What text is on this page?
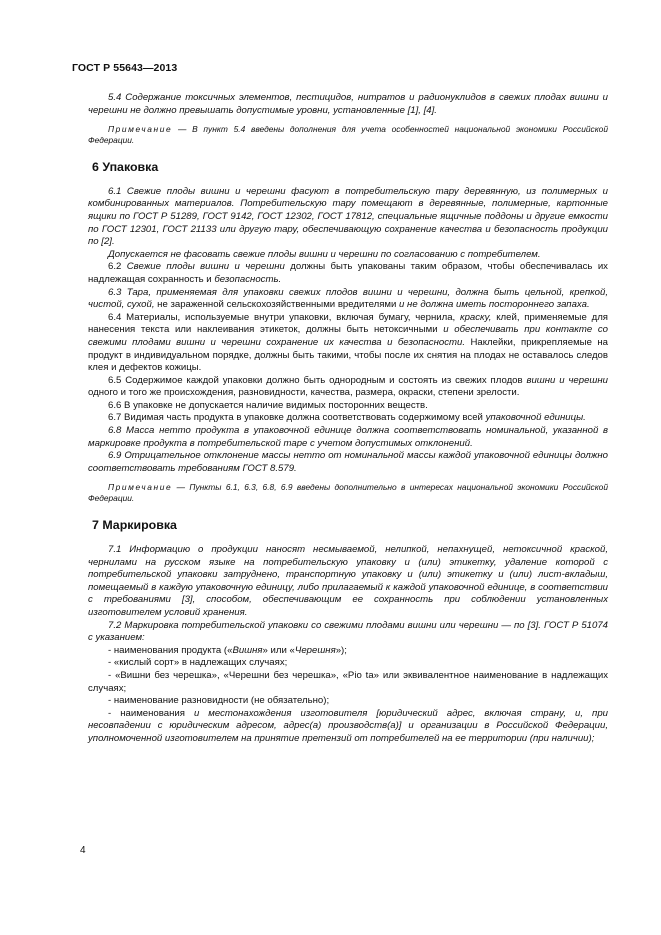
ГОСТ Р 55643—2013

5.4 Содержание токсичных элементов, пестицидов, нитратов и радионуклидов в свежих плодах вишни и черешни не должно превышать допустимые уровни, установленные [1], [4].

Примечание — В пункт 5.4 введены дополнения для учета особенностей национальной экономики Российской Федерации.

6 Упаковка

6.1 Свежие плоды вишни и черешни фасуют в потребительскую тару деревянную, из полимерных и комбинированных материалов. Потребительскую тару помещают в деревянные, полимерные, картонные ящики по ГОСТ Р 51289, ГОСТ 9142, ГОСТ 12302, ГОСТ 17812, специальные ящичные поддоны и другие емкости по ГОСТ 12301, ГОСТ 21133 или другую тару, обеспечивающую сохранение качества и безопасность продукции по [2].

Допускается не фасовать свежие плоды вишни и черешни по согласованию с потребителем.

6.2 Свежие плоды вишни и черешни должны быть упакованы таким образом, чтобы обеспечивалась их надлежащая сохранность и безопасность.

6.3 Тара, применяемая для упаковки свежих плодов вишни и черешни, должна быть цельной, крепкой, чистой, сухой, не зараженной сельскохозяйственными вредителями и не должна иметь постороннего запаха.

6.4 Материалы, используемые внутри упаковки, включая бумагу, чернила, краску, клей, применяемые для нанесения текста или наклеивания этикеток, должны быть нетоксичными и обеспечивать при контакте со свежими плодами вишни и черешни сохранение их качества и безопасности. Наклейки, прикрепляемые на продукт в индивидуальном порядке, должны быть такими, чтобы после их снятия на плодах не оставалось следов клея и дефектов кожицы.

6.5 Содержимое каждой упаковки должно быть однородным и состоять из свежих плодов вишни и черешни одного и того же происхождения, разновидности, качества, размера, окраски, степени зрелости.

6.6 В упаковке не допускается наличие видимых посторонних веществ.

6.7 Видимая часть продукта в упаковке должна соответствовать содержимому всей упаковочной единицы.

6.8 Масса нетто продукта в упаковочной единице должна соответствовать номинальной, указанной в маркировке продукта в потребительской таре с учетом допустимых отклонений.

6.9 Отрицательное отклонение массы нетто от номинальной массы каждой упаковочной единицы должно соответствовать требованиям ГОСТ 8.579.

Примечание — Пункты 6.1, 6.3, 6.8, 6.9 введены дополнительно в интересах национальной экономики Российской Федерации.

7 Маркировка

7.1 Информацию о продукции наносят несмываемой, нелипкой, непахнущей, нетоксичной краской, чернилами на русском языке на потребительскую упаковку и (или) этикетку, удаление которой с потребительской упаковки затруднено, транспортную упаковку и (или) этикетку и (или) лист-вкладыш, помещаемый в каждую упаковочную единицу, либо прилагаемый к каждой упаковочной единице, в соответствии с требованиями [3], способом, обеспечивающим ее сохранность при соблюдении установленных изготовителем условий хранения.

7.2 Маркировка потребительской упаковки со свежими плодами вишни или черешни — по [3]. ГОСТ Р 51074 с указанием:

- наименования продукта («Вишня» или «Черешня»);

- «кислый сорт» в надлежащих случаях;

- «Вишни без черешка», «Черешни без черешка», «Pio ta» или эквивалентное наименование в надлежащих случаях;

- наименование разновидности (не обязательно);

- наименования и местонахождения изготовителя [юридический адрес, включая страну, и, при несовпадении с юридическим адресом, адрес(а) производств(а)] и организации в Российской Федерации, уполномоченной изготовителем на принятие претензий от потребителей на ее территории (при наличии);

4
